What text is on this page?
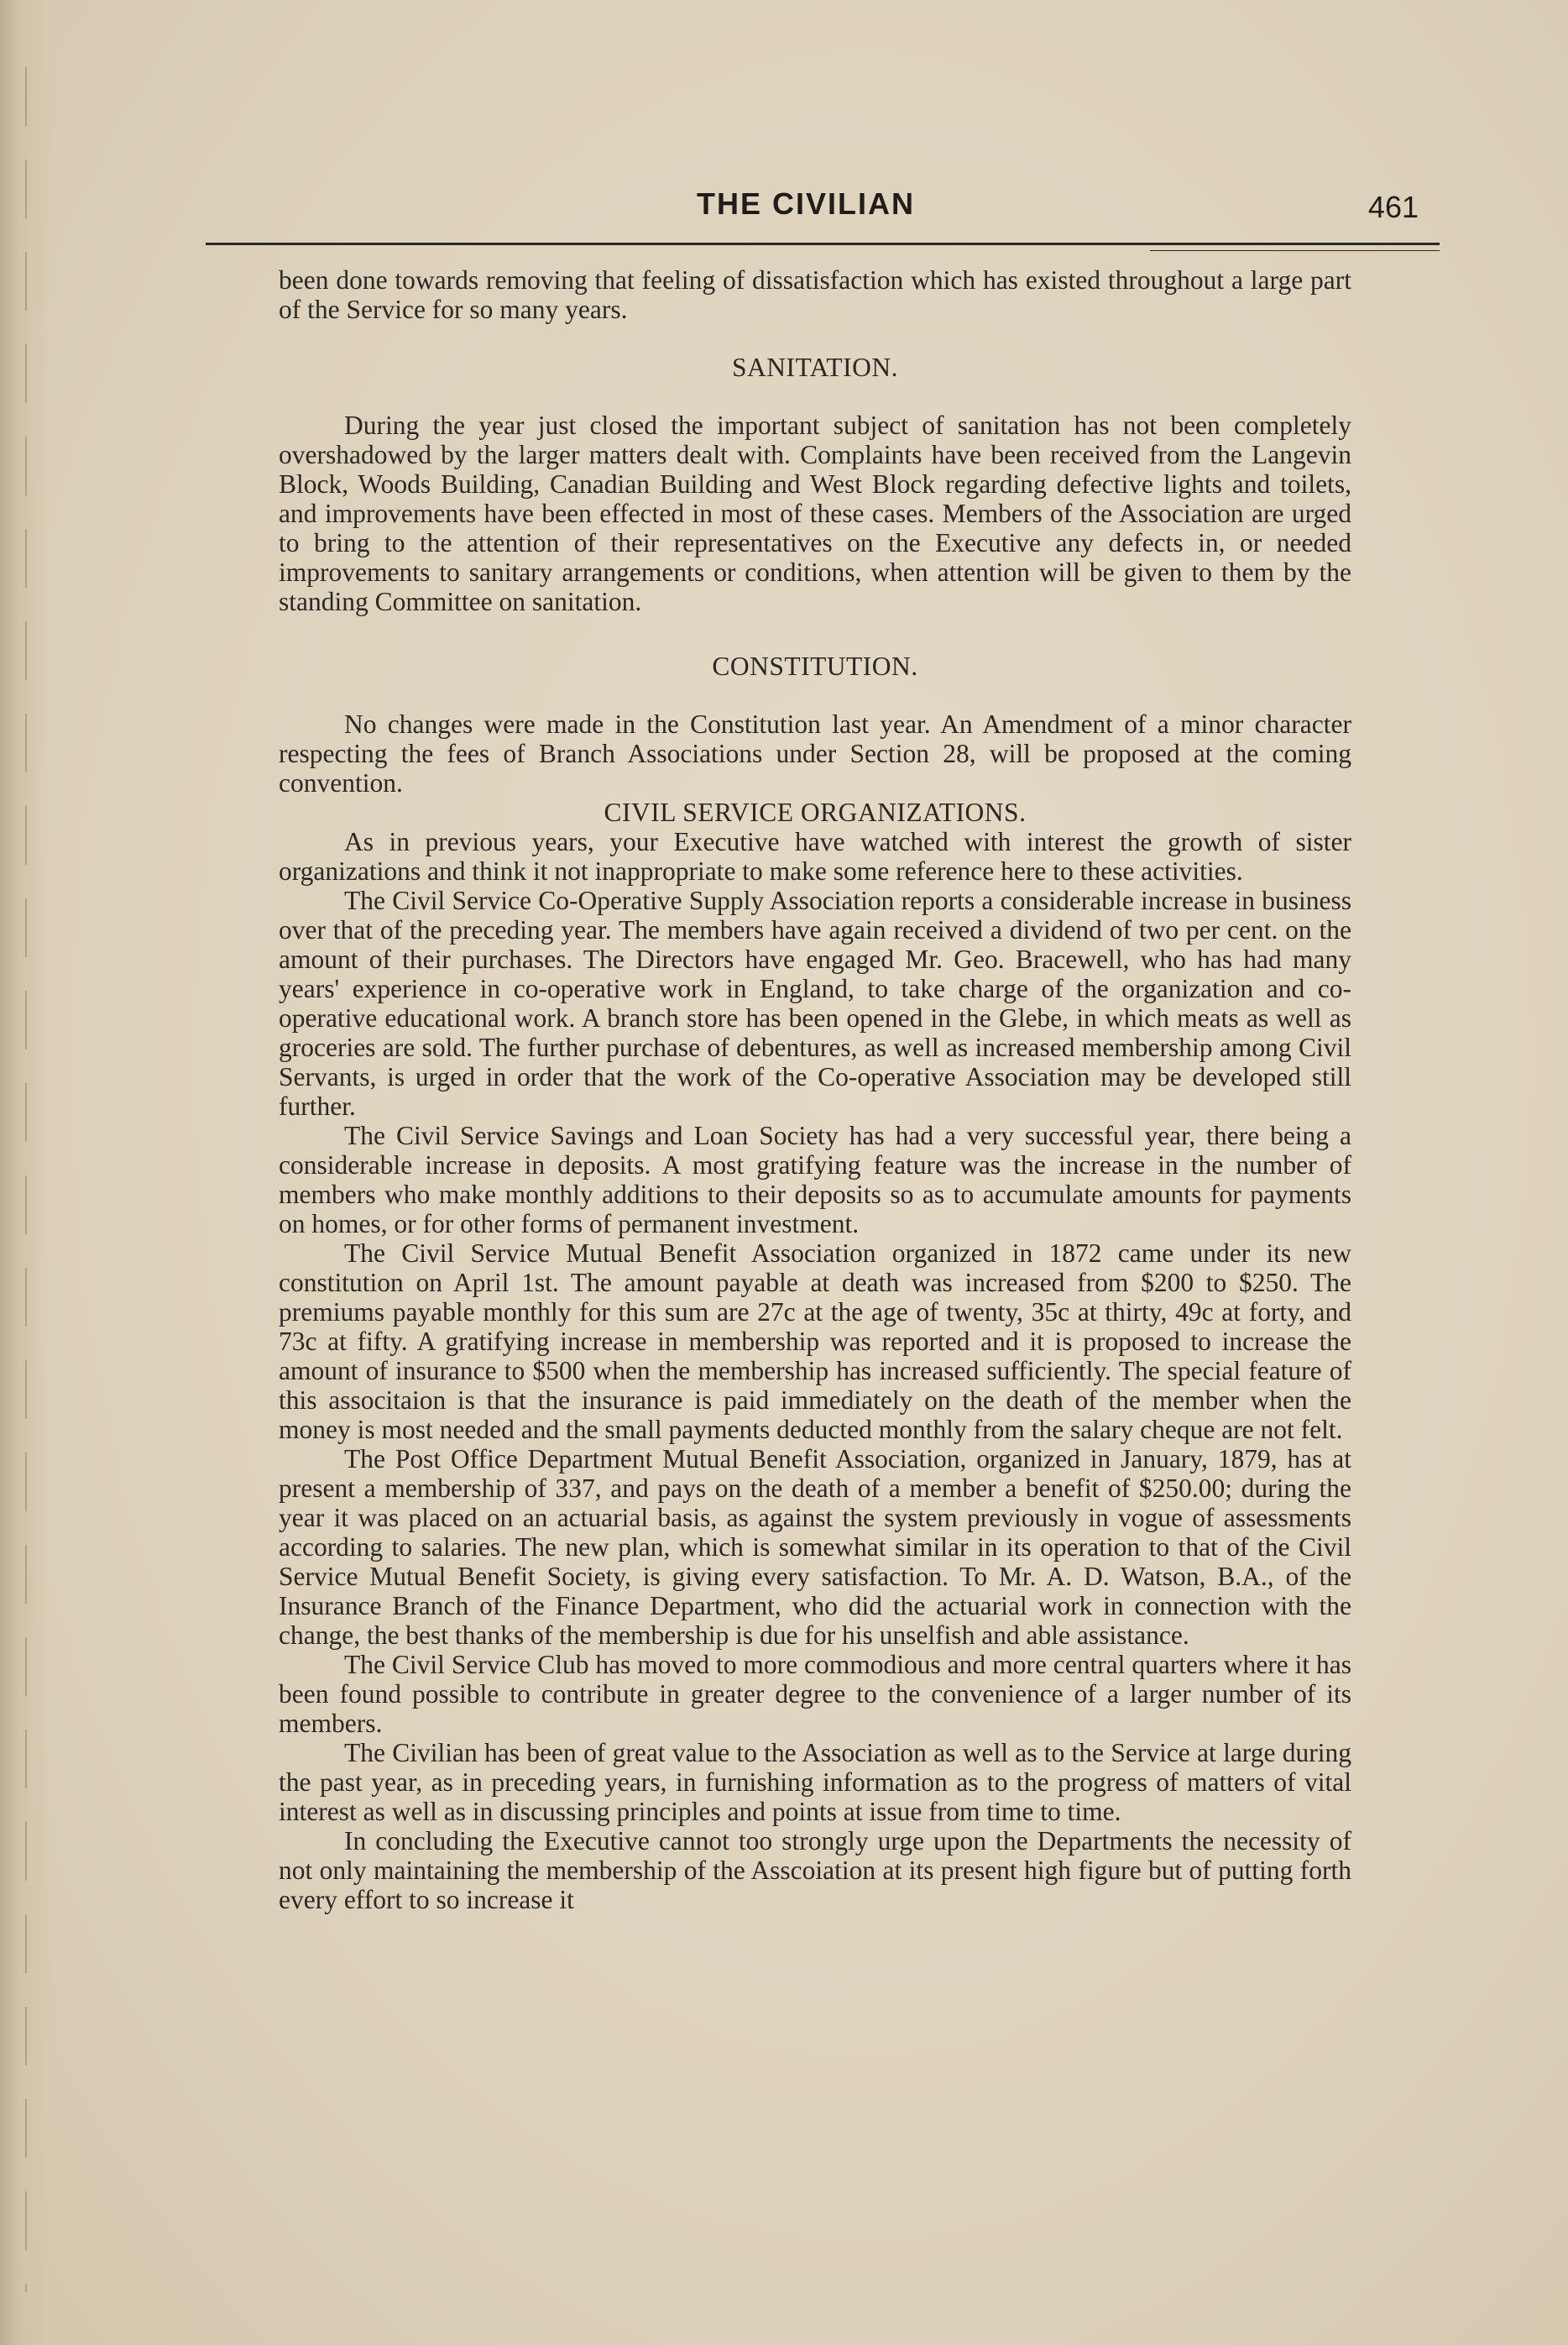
THE CIVILIAN	461

been done towards removing that feeling of dissatisfaction which has existed throughout a large part of the Service for so many years.

SANITATION.

During the year just closed the important subject of sanitation has not been completely overshadowed by the larger matters dealt with. Complaints have been received from the Langevin Block, Woods Building, Canadian Building and West Block regarding defective lights and toilets, and improvements have been effected in most of these cases. Members of the Association are urged to bring to the attention of their representatives on the Executive any defects in, or needed improvements to sanitary arrangements or conditions, when attention will be given to them by the standing Committee on sanitation.

CONSTITUTION.

No changes were made in the Constitution last year. An Amendment of a minor character respecting the fees of Branch Associations under Section 28, will be proposed at the coming convention.

CIVIL SERVICE ORGANIZATIONS.

As in previous years, your Executive have watched with interest the growth of sister organizations and think it not inappropriate to make some reference here to these activities.

The Civil Service Co-Operative Supply Association reports a considerable increase in business over that of the preceding year. The members have again received a dividend of two per cent. on the amount of their purchases. The Directors have engaged Mr. Geo. Bracewell, who has had many years' experience in co-operative work in England, to take charge of the organization and co-operative educational work. A branch store has been opened in the Glebe, in which meats as well as groceries are sold. The further purchase of debentures, as well as increased membership among Civil Servants, is urged in order that the work of the Co-operative Association may be developed still further.

The Civil Service Savings and Loan Society has had a very successful year, there being a considerable increase in deposits. A most gratifying feature was the increase in the number of members who make monthly additions to their deposits so as to accumulate amounts for payments on homes, or for other forms of permanent investment.

The Civil Service Mutual Benefit Association organized in 1872 came under its new constitution on April 1st. The amount payable at death was increased from $200 to $250. The premiums payable monthly for this sum are 27c at the age of twenty, 35c at thirty, 49c at forty, and 73c at fifty. A gratifying increase in membership was reported and it is proposed to increase the amount of insurance to $500 when the membership has increased sufficiently. The special feature of this associtaion is that the insurance is paid immediately on the death of the member when the money is most needed and the small payments deducted monthly from the salary cheque are not felt.

The Post Office Department Mutual Benefit Association, organized in January, 1879, has at present a membership of 337, and pays on the death of a member a benefit of $250.00; during the year it was placed on an actuarial basis, as against the system previously in vogue of assessments according to salaries. The new plan, which is somewhat similar in its operation to that of the Civil Service Mutual Benefit Society, is giving every satisfaction. To Mr. A. D. Watson, B.A., of the Insurance Branch of the Finance Department, who did the actuarial work in connection with the change, the best thanks of the membership is due for his unselfish and able assistance.

The Civil Service Club has moved to more commodious and more central quarters where it has been found possible to contribute in greater degree to the convenience of a larger number of its members.

The Civilian has been of great value to the Association as well as to the Service at large during the past year, as in preceding years, in furnishing information as to the progress of matters of vital interest as well as in discussing principles and points at issue from time to time.

In concluding the Executive cannot too strongly urge upon the Departments the necessity of not only maintaining the membership of the Asscoiation at its present high figure but of putting forth every effort to so increase it
